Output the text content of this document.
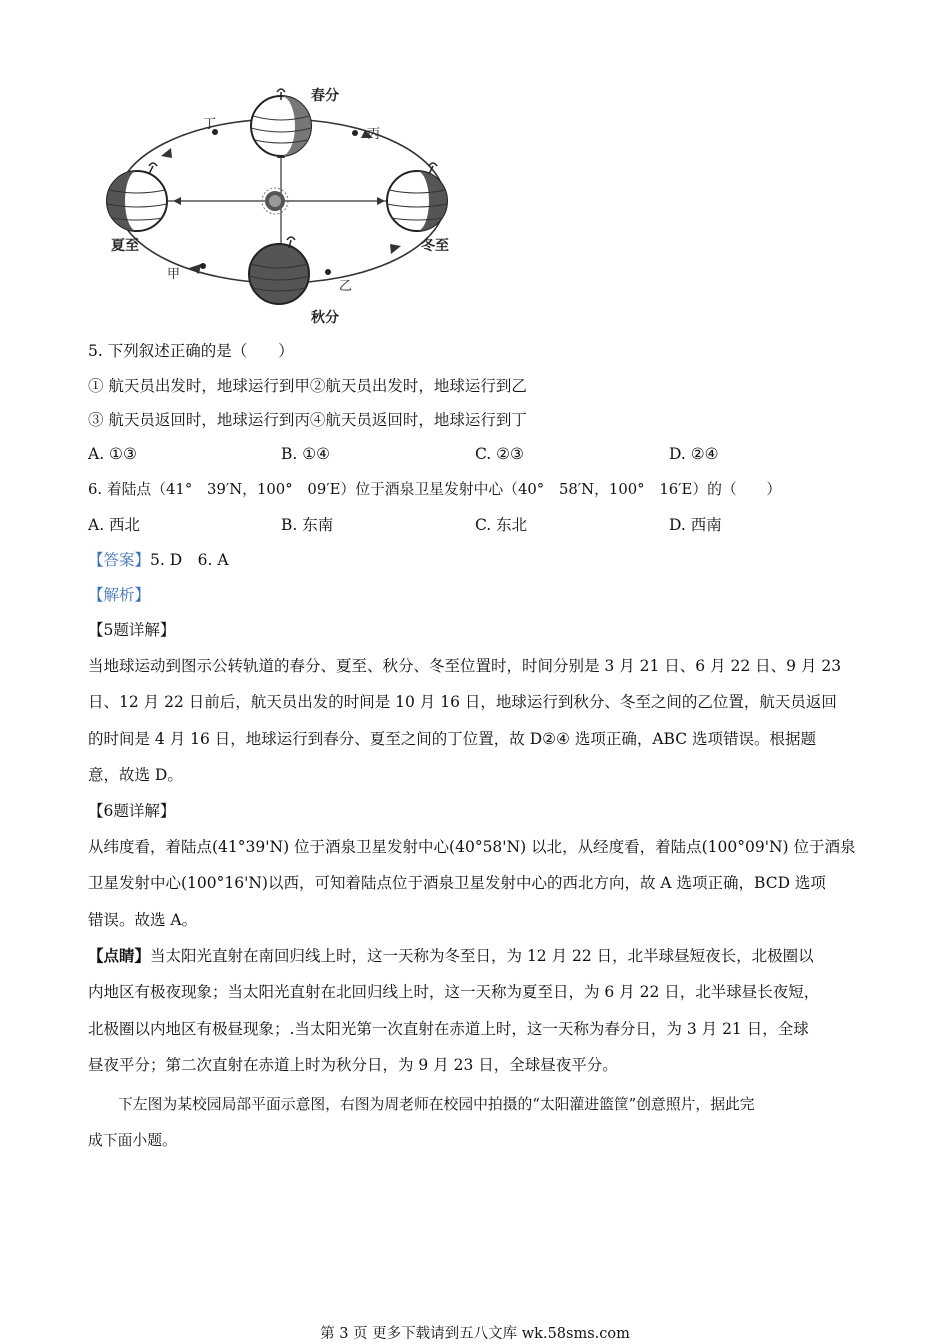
春分
夏至
秋分
冬至
甲
乙
丙
丁
5. 下列叙述正确的是（　　）
① 航天员出发时，地球运行到甲②航天员出发时，地球运行到乙
③ 航天员返回时，地球运行到丙④航天员返回时，地球运行到丁
A. ①③	B. ①④	C. ②③	D. ②④
6. 着陆点（41°　39′N，100°　09′E）位于酒泉卫星发射中心（40°　58′N，100°　16′E）的（　　）
A. 西北	B. 东南	C. 东北	D. 西南
【答案】5. D　6. A
【解析】
【5题详解】
当地球运动到图示公转轨道的春分、夏至、秋分、冬至位置时，时间分别是 3 月 21 日、6 月 22 日、9 月 23
日、12 月 22 日前后，航天员出发的时间是 10 月 16 日，地球运行到秋分、冬至之间的乙位置，航天员返回
的时间是 4 月 16 日，地球运行到春分、夏至之间的丁位置，故 D②④ 选项正确，ABC 选项错误。根据题
意，故选 D。
【6题详解】
从纬度看，着陆点(41°39'N) 位于酒泉卫星发射中心(40°58'N) 以北，从经度看，着陆点(100°09'N) 位于酒泉
卫星发射中心(100°16'N)以西，可知着陆点位于酒泉卫星发射中心的西北方向，故 A 选项正确，BCD 选项
错误。故选 A。
【点睛】当太阳光直射在南回归线上时，这一天称为冬至日，为 12 月 22 日，北半球昼短夜长，北极圈以
内地区有极夜现象；当太阳光直射在北回归线上时，这一天称为夏至日，为 6 月 22 日，北半球昼长夜短，
北极圈以内地区有极昼现象；.当太阳光第一次直射在赤道上时，这一天称为春分日，为 3 月 21 日，全球
昼夜平分；第二次直射在赤道上时为秋分日，为 9 月 23 日，全球昼夜平分。
下左图为某校园局部平面示意图，右图为周老师在校园中拍摄的“太阳灌进篮筐”创意照片，据此完
成下面小题。
第 3 页 更多下载请到五八文库 wk.58sms.com
